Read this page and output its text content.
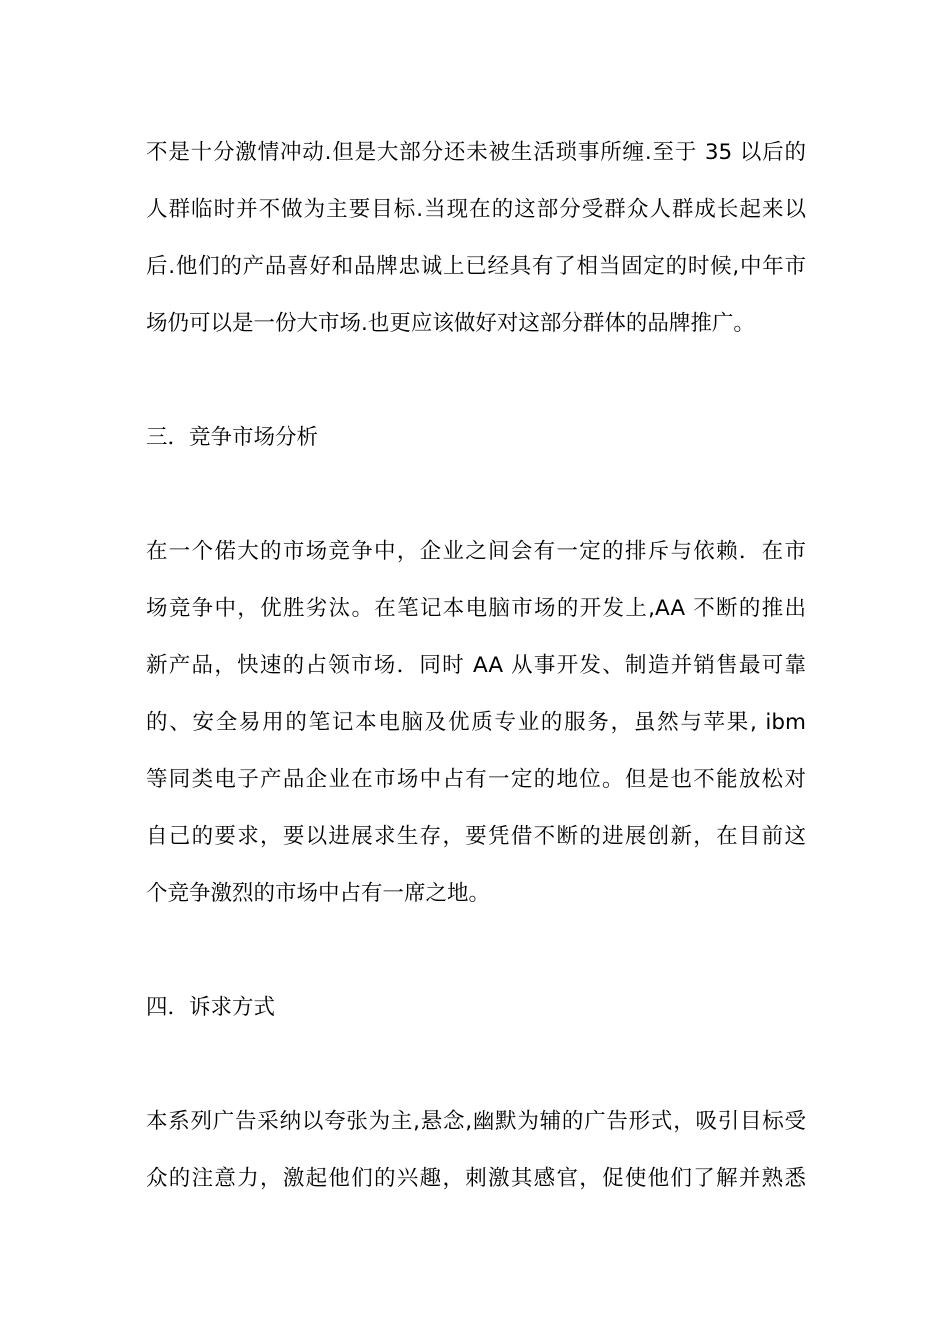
不是十分激情冲动.但是大部分还未被生活琐事所缠.至于 35 以后的
人群临时并不做为主要目标.当现在的这部分受群众人群成长起来以
后.他们的产品喜好和品牌忠诚上已经具有了相当固定的时候,中年市
场仍可以是一份大市场.也更应该做好对这部分群体的品牌推广。
三．竞争市场分析
在一个偌大的市场竞争中，企业之间会有一定的排斥与依赖．在市
场竞争中，优胜劣汰。在笔记本电脑市场的开发上,AA 不断的推出
新产品，快速的占领市场．同时 AA 从事开发、制造并销售最可靠
的、安全易用的笔记本电脑及优质专业的服务，虽然与苹果, ibm
等同类电子产品企业在市场中占有一定的地位。但是也不能放松对
自己的要求，要以进展求生存，要凭借不断的进展创新，在目前这
个竞争激烈的市场中占有一席之地。
四．诉求方式
本系列广告采纳以夸张为主,悬念,幽默为辅的广告形式，吸引目标受
众的注意力，激起他们的兴趣，刺激其感官，促使他们了解并熟悉
